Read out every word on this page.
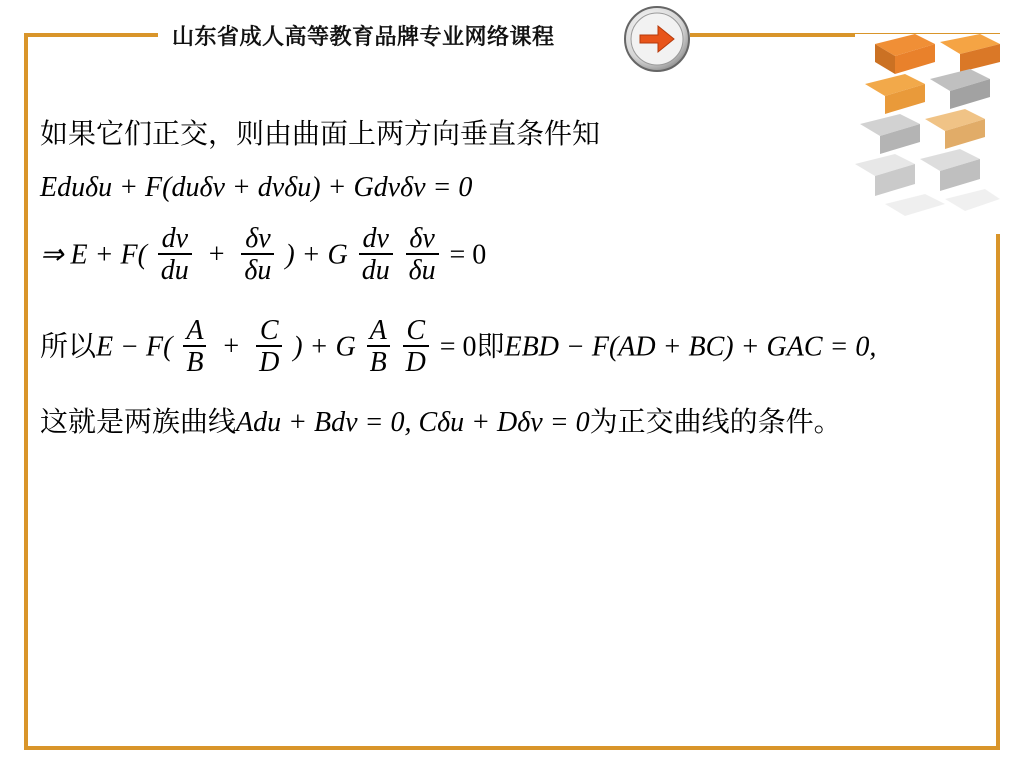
山东省成人高等教育品牌专业网络课程
如果它们正交，则由曲面上两方向垂直条件知
Eduδu + F(duδv + dvδu) + Gdvδv = 0
⇒ $E + F( \frac{dv}{du} + \frac{\delta v}{\delta u}$ ) + G $\frac{dv}{du}$
$\frac{\delta v}{\delta u} = 0$
所以$E - F( \frac{A}{B} + \frac{C}{D}$ ) + G $\frac{A}{B}$
$\frac{C}{D} = 0$即EBD − F(AD + BC) + GAC = 0,
这就是两族曲线Adu + Bdv = 0, Cδu + Dδv = 0为正交曲线的条件。
